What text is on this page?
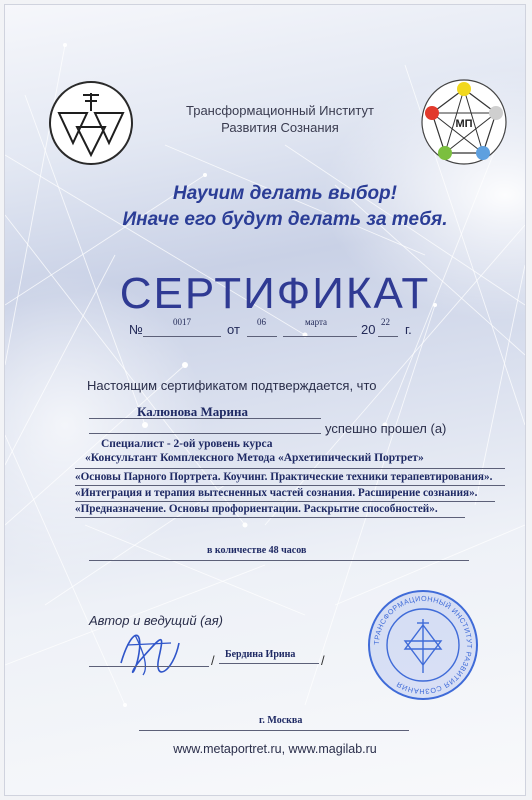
Трансформационный Институт
Развития Сознания	МП
Научим делать выбор!
Иначе его будут делать за тебя.
СЕРТИФИКАТ
№	0017	от 06	марта	20 22 г.
Настоящим сертификатом подтверждается, что
Калюнова Марина
успешно прошел (а)
Специалист - 2-ой уровень курса
«Консультант Комплексного Метода «Архетипический Портрет»
«Основы Парного Портрета. Коучинг. Практические техники терапевтирования».
«Интеграция и терапия вытесненных частей сознания. Расширение сознания».
«Предназначение. Основы профориентации. Раскрытие способностей».
в количестве 48 часов
Автор и ведущий (ая)
/ Бердина Ирина /
ТРАНСФОРМАЦИОННЫЙ ИНСТИТУТ РАЗВИТИЯ СОЗНАНИЯ
г. Москва
www.metaportret.ru, www.magilab.ru
